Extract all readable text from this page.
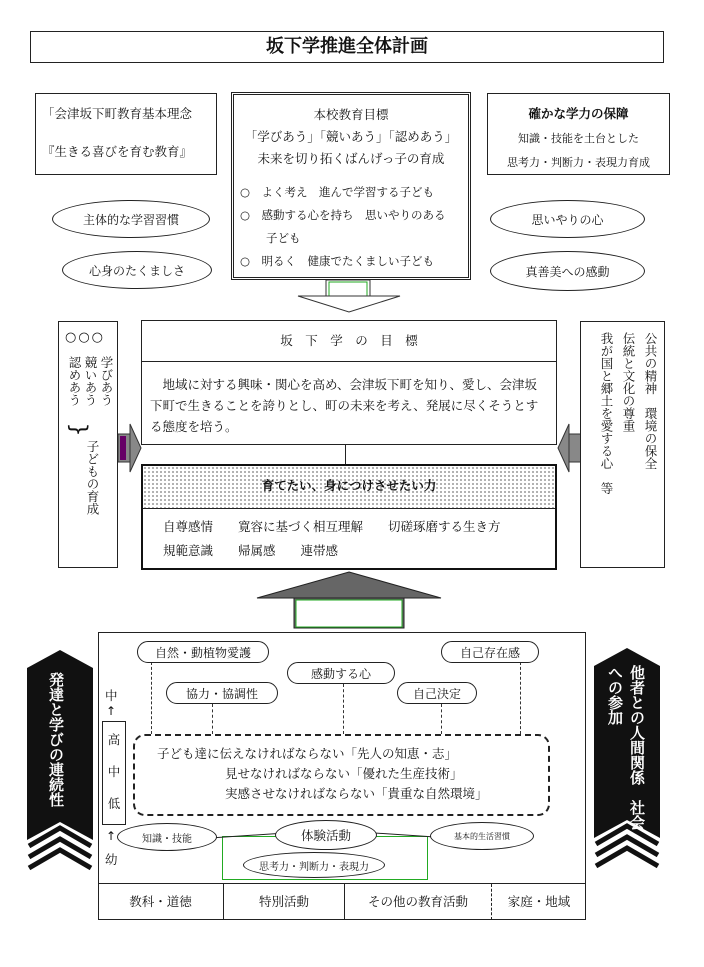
坂下学推進全体計画
「会津坂下町教育基本理念
『生きる喜びを育む教育』
本校教育目標
「学びあう」「競いあう」「認めあう」
未来を切り拓くばんげっ子の育成
○　よく考え　進んで学習する子ども
○　感動する心を持ち　思いやりのある
子ども
○　明るく　健康でたくましい子ども
確かな学力の保障
知識・技能を土台とした
思考力・判断力・表現力育成
主体的な学習習慣
心身のたくましさ
思いやりの心
真善美への感動
○○○
学びあう
競いあう
認めあう
}
子どもの育成
坂　下　学　の　目　標
　地域に対する興味・関心を高め、会津坂下町を知り、愛し、会津坂下町で生きることを誇りとし、町の未来を考え、発展に尽くそうとする態度を培う。
育てたい、身につけさせたい力
自尊感情　　寛容に基づく相互理解　　切磋琢磨する生き方
規範意識　　帰属感　　連帯感
公共の精神　環境の保全
伝統と文化の尊重
我が国と郷土を愛する心　等
発達と学びの連続性	他者との人間関係　社会への参加
自然・動植物愛護
感動する心
自己存在感
協力・協調性	自己決定
中
↑
高
中
低
↑
幼
子ども達に伝えなければならない「先人の知恵・志」
見せなければならない「優れた生産技術」
実感させなければならない「貴重な自然環境」
知識・技能	体験活動	基本的生活習慣
思考力・判断力・表現力
教科・道徳	特別活動	その他の教育活動	家庭・地域
